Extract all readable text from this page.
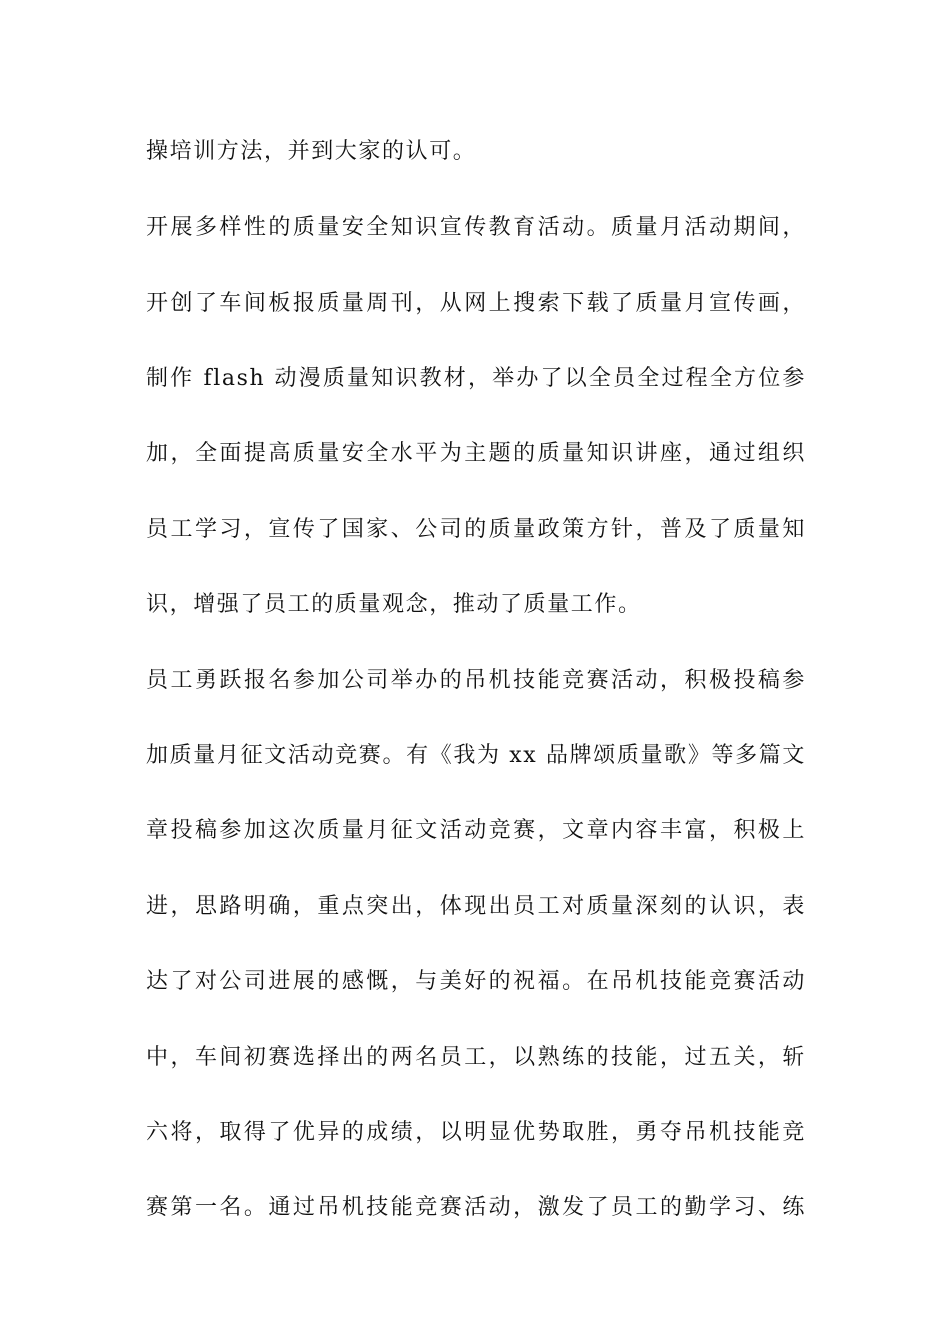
操培训方法，并到大家的认可。
开展多样性的质量安全知识宣传教育活动。质量月活动期间，
开创了车间板报质量周刊，从网上搜索下载了质量月宣传画，
制作 flash 动漫质量知识教材，举办了以全员全过程全方位参
加，全面提高质量安全水平为主题的质量知识讲座，通过组织
员工学习，宣传了国家、公司的质量政策方针，普及了质量知
识，增强了员工的质量观念，推动了质量工作。
员工勇跃报名参加公司举办的吊机技能竞赛活动，积极投稿参
加质量月征文活动竞赛。有《我为 xx 品牌颂质量歌》等多篇文
章投稿参加这次质量月征文活动竞赛，文章内容丰富，积极上
进，思路明确，重点突出，体现出员工对质量深刻的认识，表
达了对公司进展的感慨，与美好的祝福。在吊机技能竞赛活动
中，车间初赛选择出的两名员工，以熟练的技能，过五关，斩
六将，取得了优异的成绩，以明显优势取胜，勇夺吊机技能竞
赛第一名。通过吊机技能竞赛活动，激发了员工的勤学习、练
